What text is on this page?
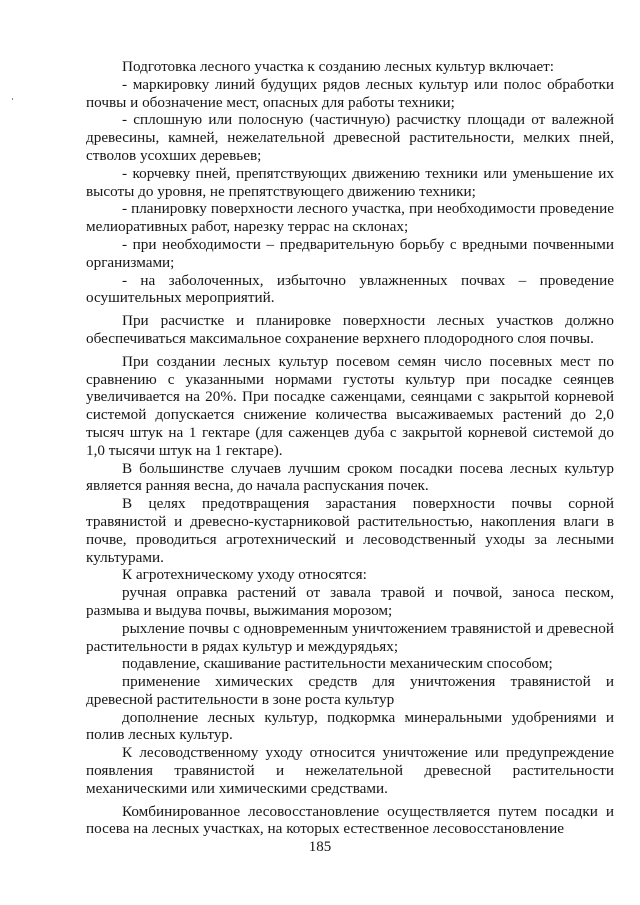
Подготовка лесного участка к созданию лесных культур включает:

- маркировку линий будущих рядов лесных культур или полос обработки почвы и обозначение мест, опасных для работы техники;

- сплошную или полосную (частичную) расчистку площади от валежной древесины, камней, нежелательной древесной растительности, мелких пней, стволов усохших деревьев;

- корчевку пней, препятствующих движению техники или уменьшение их высоты до уровня, не препятствующего движению техники;

- планировку поверхности лесного участка, при необходимости проведение мелиоративных работ, нарезку террас на склонах;

- при необходимости – предварительную борьбу с вредными почвенными организмами;

- на заболоченных, избыточно увлажненных почвах – проведение осушительных мероприятий.

При расчистке и планировке поверхности лесных участков должно обеспечиваться максимальное сохранение верхнего плодородного слоя почвы.

При создании лесных культур посевом семян число посевных мест по сравнению с указанными нормами густоты культур при посадке сеянцев увеличивается на 20%. При посадке саженцами, сеянцами с закрытой корневой системой допускается снижение количества высаживаемых растений до 2,0 тысяч штук на 1 гектаре (для саженцев дуба с закрытой корневой системой до 1,0 тысячи штук на 1 гектаре).

В большинстве случаев лучшим сроком посадки посева лесных культур является ранняя весна, до начала распускания почек.

В целях предотвращения зарастания поверхности почвы сорной травянистой и древесно-кустарниковой растительностью, накопления влаги в почве, проводиться агротехнический и лесоводственный уходы за лесными культурами.

К агротехническому уходу относятся:

ручная оправка растений от завала травой и почвой, заноса песком, размыва и выдува почвы, выжимания морозом;

рыхление почвы с одновременным уничтожением травянистой и древесной растительности в рядах культур и междурядьях;

подавление, скашивание растительности механическим способом;

применение химических средств для уничтожения травянистой и древесной растительности в зоне роста культур

дополнение лесных культур, подкормка минеральными удобрениями и полив лесных культур.

К лесоводственному уходу относится уничтожение или предупреждение появления травянистой и нежелательной древесной растительности механическими или химическими средствами.

Комбинированное лесовосстановление осуществляется путем посадки и посева на лесных участках, на которых естественное лесовосстановление

185
